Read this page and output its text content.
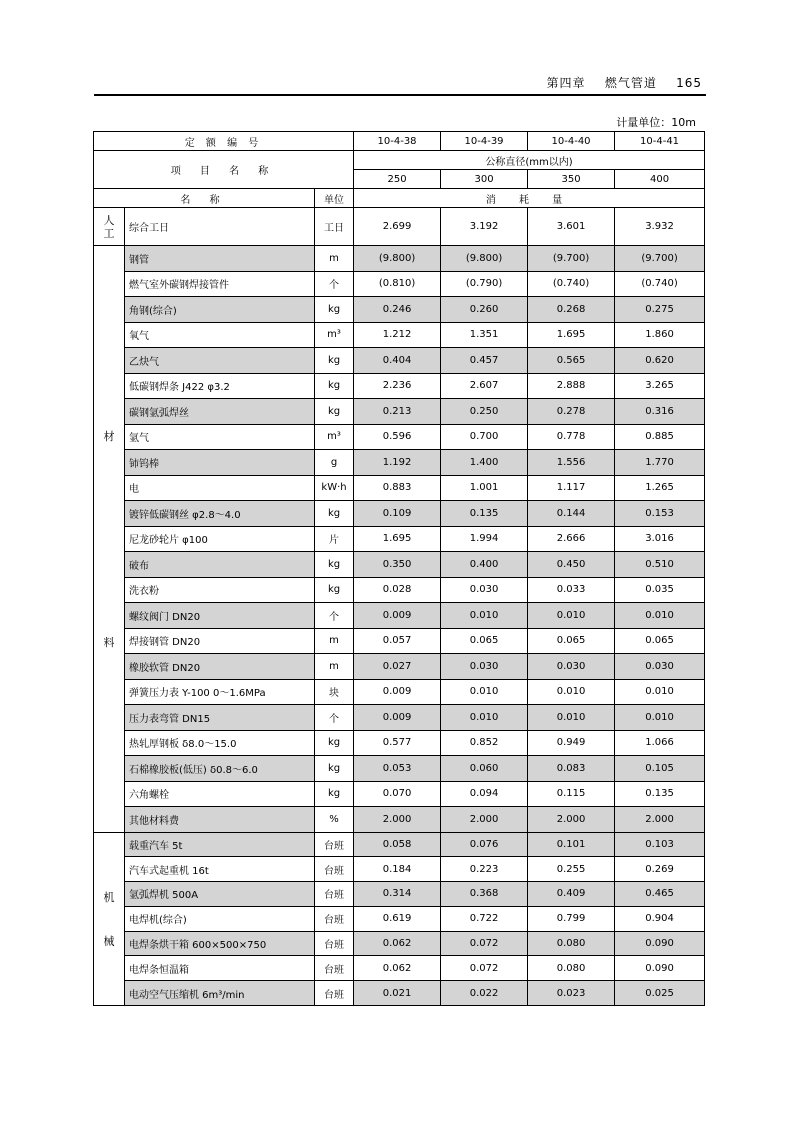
第四章 燃气管道 165
计量单位：10m
定 额 编 号			10-4-38	10-4-39	10-4-40	10-4-41
项 目 名 称			公称直径(mm以内)			
			250	300	350	400
名 称		单位	消 耗 量			
人工	综合工日	工日	2.699	3.192	3.601	3.932

材
料	钢管	m	(9.800)	(9.800)	(9.700)	(9.700)
	燃气室外碳钢焊接管件	个	(0.810)	(0.790)	(0.740)	(0.740)
	角钢(综合)	kg	0.246	0.260	0.268	0.275
	氧气	m³	1.212	1.351	1.695	1.860
	乙炔气	kg	0.404	0.457	0.565	0.620
	低碳钢焊条 J422 φ3.2	kg	2.236	2.607	2.888	3.265
	碳钢氩弧焊丝	kg	0.213	0.250	0.278	0.316
	氩气	m³	0.596	0.700	0.778	0.885
	铈钨棒	g	1.192	1.400	1.556	1.770
	电	kW·h	0.883	1.001	1.117	1.265
	镀锌低碳钢丝 φ2.8～4.0	kg	0.109	0.135	0.144	0.153
	尼龙砂轮片 φ100	片	1.695	1.994	2.666	3.016
	破布	kg	0.350	0.400	0.450	0.510
	洗衣粉	kg	0.028	0.030	0.033	0.035
	螺纹阀门 DN20	个	0.009	0.010	0.010	0.010
	焊接钢管 DN20	m	0.057	0.065	0.065	0.065
	橡胶软管 DN20	m	0.027	0.030	0.030	0.030
	弹簧压力表 Y-100 0～1.6MPa	块	0.009	0.010	0.010	0.010
	压力表弯管 DN15	个	0.009	0.010	0.010	0.010
	热轧厚钢板 δ8.0～15.0	kg	0.577	0.852	0.949	1.066
	石棉橡胶板(低压) δ0.8～6.0	kg	0.053	0.060	0.083	0.105
	六角螺栓	kg	0.070	0.094	0.115	0.135
	其他材料费	%	2.000	2.000	2.000	2.000

机
械	载重汽车 5t	台班	0.058	0.076	0.101	0.103
	汽车式起重机 16t	台班	0.184	0.223	0.255	0.269
	氩弧焊机 500A	台班	0.314	0.368	0.409	0.465
	电焊机(综合)	台班	0.619	0.722	0.799	0.904
	电焊条烘干箱 600×500×750	台班	0.062	0.072	0.080	0.090
	电焊条恒温箱	台班	0.062	0.072	0.080	0.090
	电动空气压缩机 6m³/min	台班	0.021	0.022	0.023	0.025
